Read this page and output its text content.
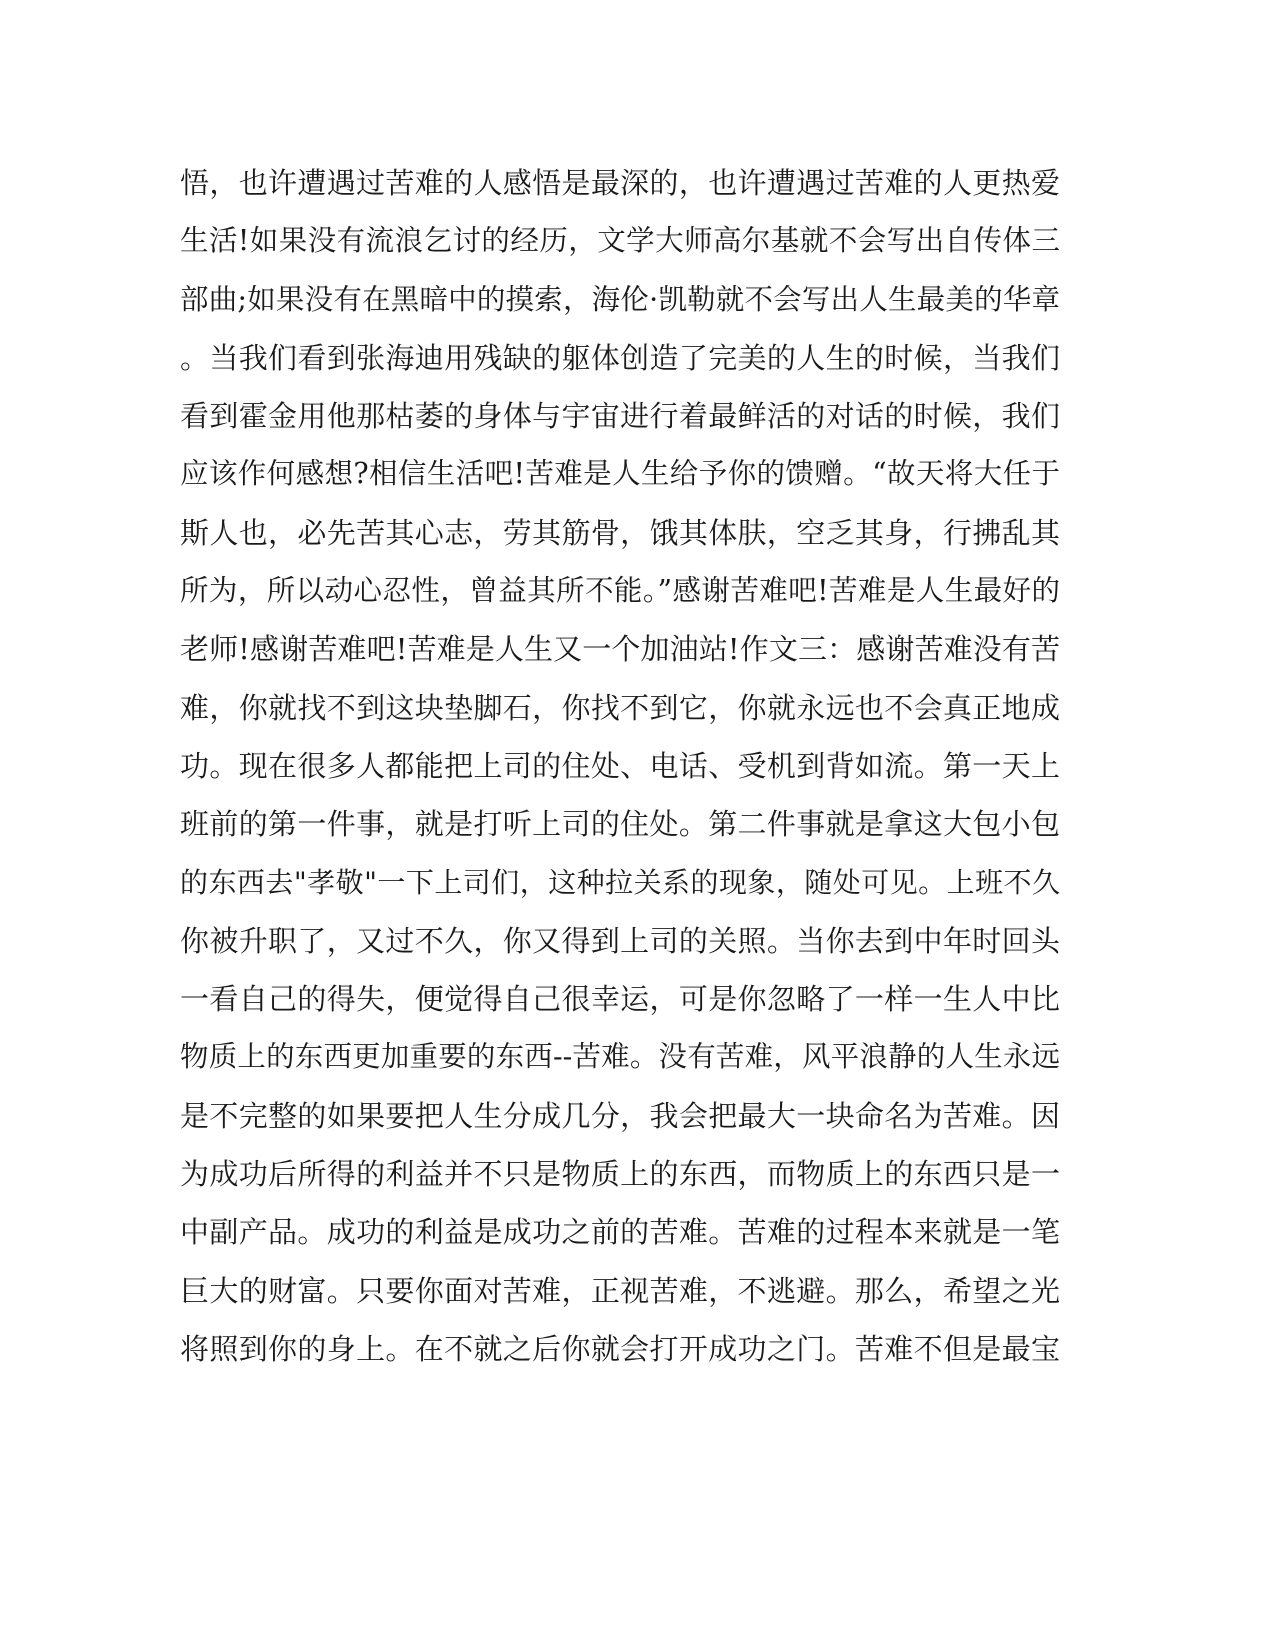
悟，也许遭遇过苦难的人感悟是最深的，也许遭遇过苦难的人更热爱
生活!如果没有流浪乞讨的经历，文学大师高尔基就不会写出自传体三
部曲;如果没有在黑暗中的摸索，海伦·凯勒就不会写出人生最美的华章
。当我们看到张海迪用残缺的躯体创造了完美的人生的时候，当我们
看到霍金用他那枯萎的身体与宇宙进行着最鲜活的对话的时候，我们
应该作何感想?相信生活吧!苦难是人生给予你的馈赠。“故天将大任于
斯人也，必先苦其心志，劳其筋骨，饿其体肤，空乏其身，行拂乱其
所为，所以动心忍性，曾益其所不能。”感谢苦难吧!苦难是人生最好的
老师!感谢苦难吧!苦难是人生又一个加油站!作文三：感谢苦难没有苦
难，你就找不到这块垫脚石，你找不到它，你就永远也不会真正地成
功。现在很多人都能把上司的住处、电话、受机到背如流。第一天上
班前的第一件事，就是打听上司的住处。第二件事就是拿这大包小包
的东西去"孝敬"一下上司们，这种拉关系的现象，随处可见。上班不久
你被升职了，又过不久，你又得到上司的关照。当你去到中年时回头
一看自己的得失，便觉得自己很幸运，可是你忽略了一样一生人中比
物质上的东西更加重要的东西--苦难。没有苦难，风平浪静的人生永远
是不完整的如果要把人生分成几分，我会把最大一块命名为苦难。因
为成功后所得的利益并不只是物质上的东西，而物质上的东西只是一
中副产品。成功的利益是成功之前的苦难。苦难的过程本来就是一笔
巨大的财富。只要你面对苦难，正视苦难，不逃避。那么，希望之光
将照到你的身上。在不就之后你就会打开成功之门。苦难不但是最宝
